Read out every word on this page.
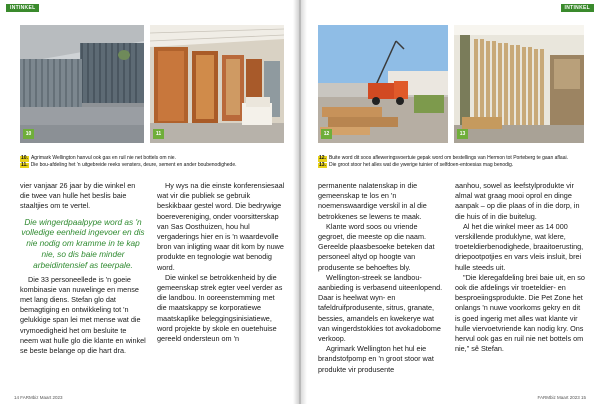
INTINKEL
10	11
10. Agrimark Wellington hanvul ook gas en ruil nie net bottels om nie.
11. Die bou-afdeling het 'n uitgebreide reeks vensters, deure, sement en ander boubenodighede.

vier vanjaar 26 jaar by die winkel en die twee van hulle het beslis baie staaltjies om te vertel.

Die wingerdpaalpype word as 'n volledige eenheid ingevoer en dis nie nodig om kramme in te kap nie, so dis baie minder arbeidintensief as teerpale.

Die 33 personeellede is 'n goeie kombinasie van nuwelinge en mense met lang diens. Stefan glo dat bemagtiging en ontwikkeling tot 'n gelukkige span lei met mense wat die vrymoedigheid het om besluite te neem wat hulle glo die klante en winkel se beste belange op die hart dra.

Hy wys na die einste konferensiesaal wat vir die publiek se gebruik beskikbaar gestel word. Die bedrywige boerevereniging, onder voorsitterskap van Sas Oosthuizen, hou hul vergaderings hier en is 'n waardevolle bron van inligting waar dit kom by nuwe produkte en tegnologie wat benodig word.

Die winkel se betrokkenheid by die gemeenskap strek egter veel verder as die landbou. In ooreenstemming met die maatskappy se korporatiewe maatskaplike beleggingsinisiatiewe, word projekte by skole en ouetehuise gereeld ondersteun om 'n

14 FARMbiz Maart 2023
INTINKEL
12	13
12. Buite word dit soos afleweringsvoertuie gepak word om bestellings van Hermon tot Porteberg te gaan aflaai.
13. Die groot stoor het alles wat die ywerige tuinier of selfdoen-entoesias mag benodig.

permanente nalatenskap in die gemeenskap te los en 'n noemenswaardige verskil in al die betrokkenes se lewens te maak.

Klante word soos ou vriende gegroet, die meeste op die naam. Gereelde plaasbesoeke beteken dat personeel altyd op hoogte van produsente se behoeftes bly.

Wellington-streek se landbou-aanbieding is verbasend uiteenlopend. Daar is heelwat wyn- en tafeldruifprodusente, sitrus, granate, bessies, amandels en kwekerye wat van wingerdstokkies tot avokadobome verkoop.

Agrimark Wellington het hul eie brandstofpomp en 'n groot stoor wat produkte vir produsente

aanhou, sowel as leefstylprodukte vir almal wat graag mooi oprol en dinge aanpak – op die plaas of in die dorp, in die huis of in die buitelug.

Al het die winkel meer as 14 000 verskillende produklyne, wat klere, troeteldierbenodighede, braaitoerusting, driepootpotjies en vars vleis insluit, brei hulle steeds uit.

"Die kleregafdeling brei baie uit, en so ook die afdelings vir troeteldier- en besproeiingsprodukte. Die Pet Zone het onlangs 'n nuwe voorkoms gekry en dit is goed ingerig met alles wat klante vir hulle viervoetvriende kan nodig kry. Ons hervul ook gas en ruil nie net bottels om nie," sê Stefan.

FARMbiz Maart 2023 15
